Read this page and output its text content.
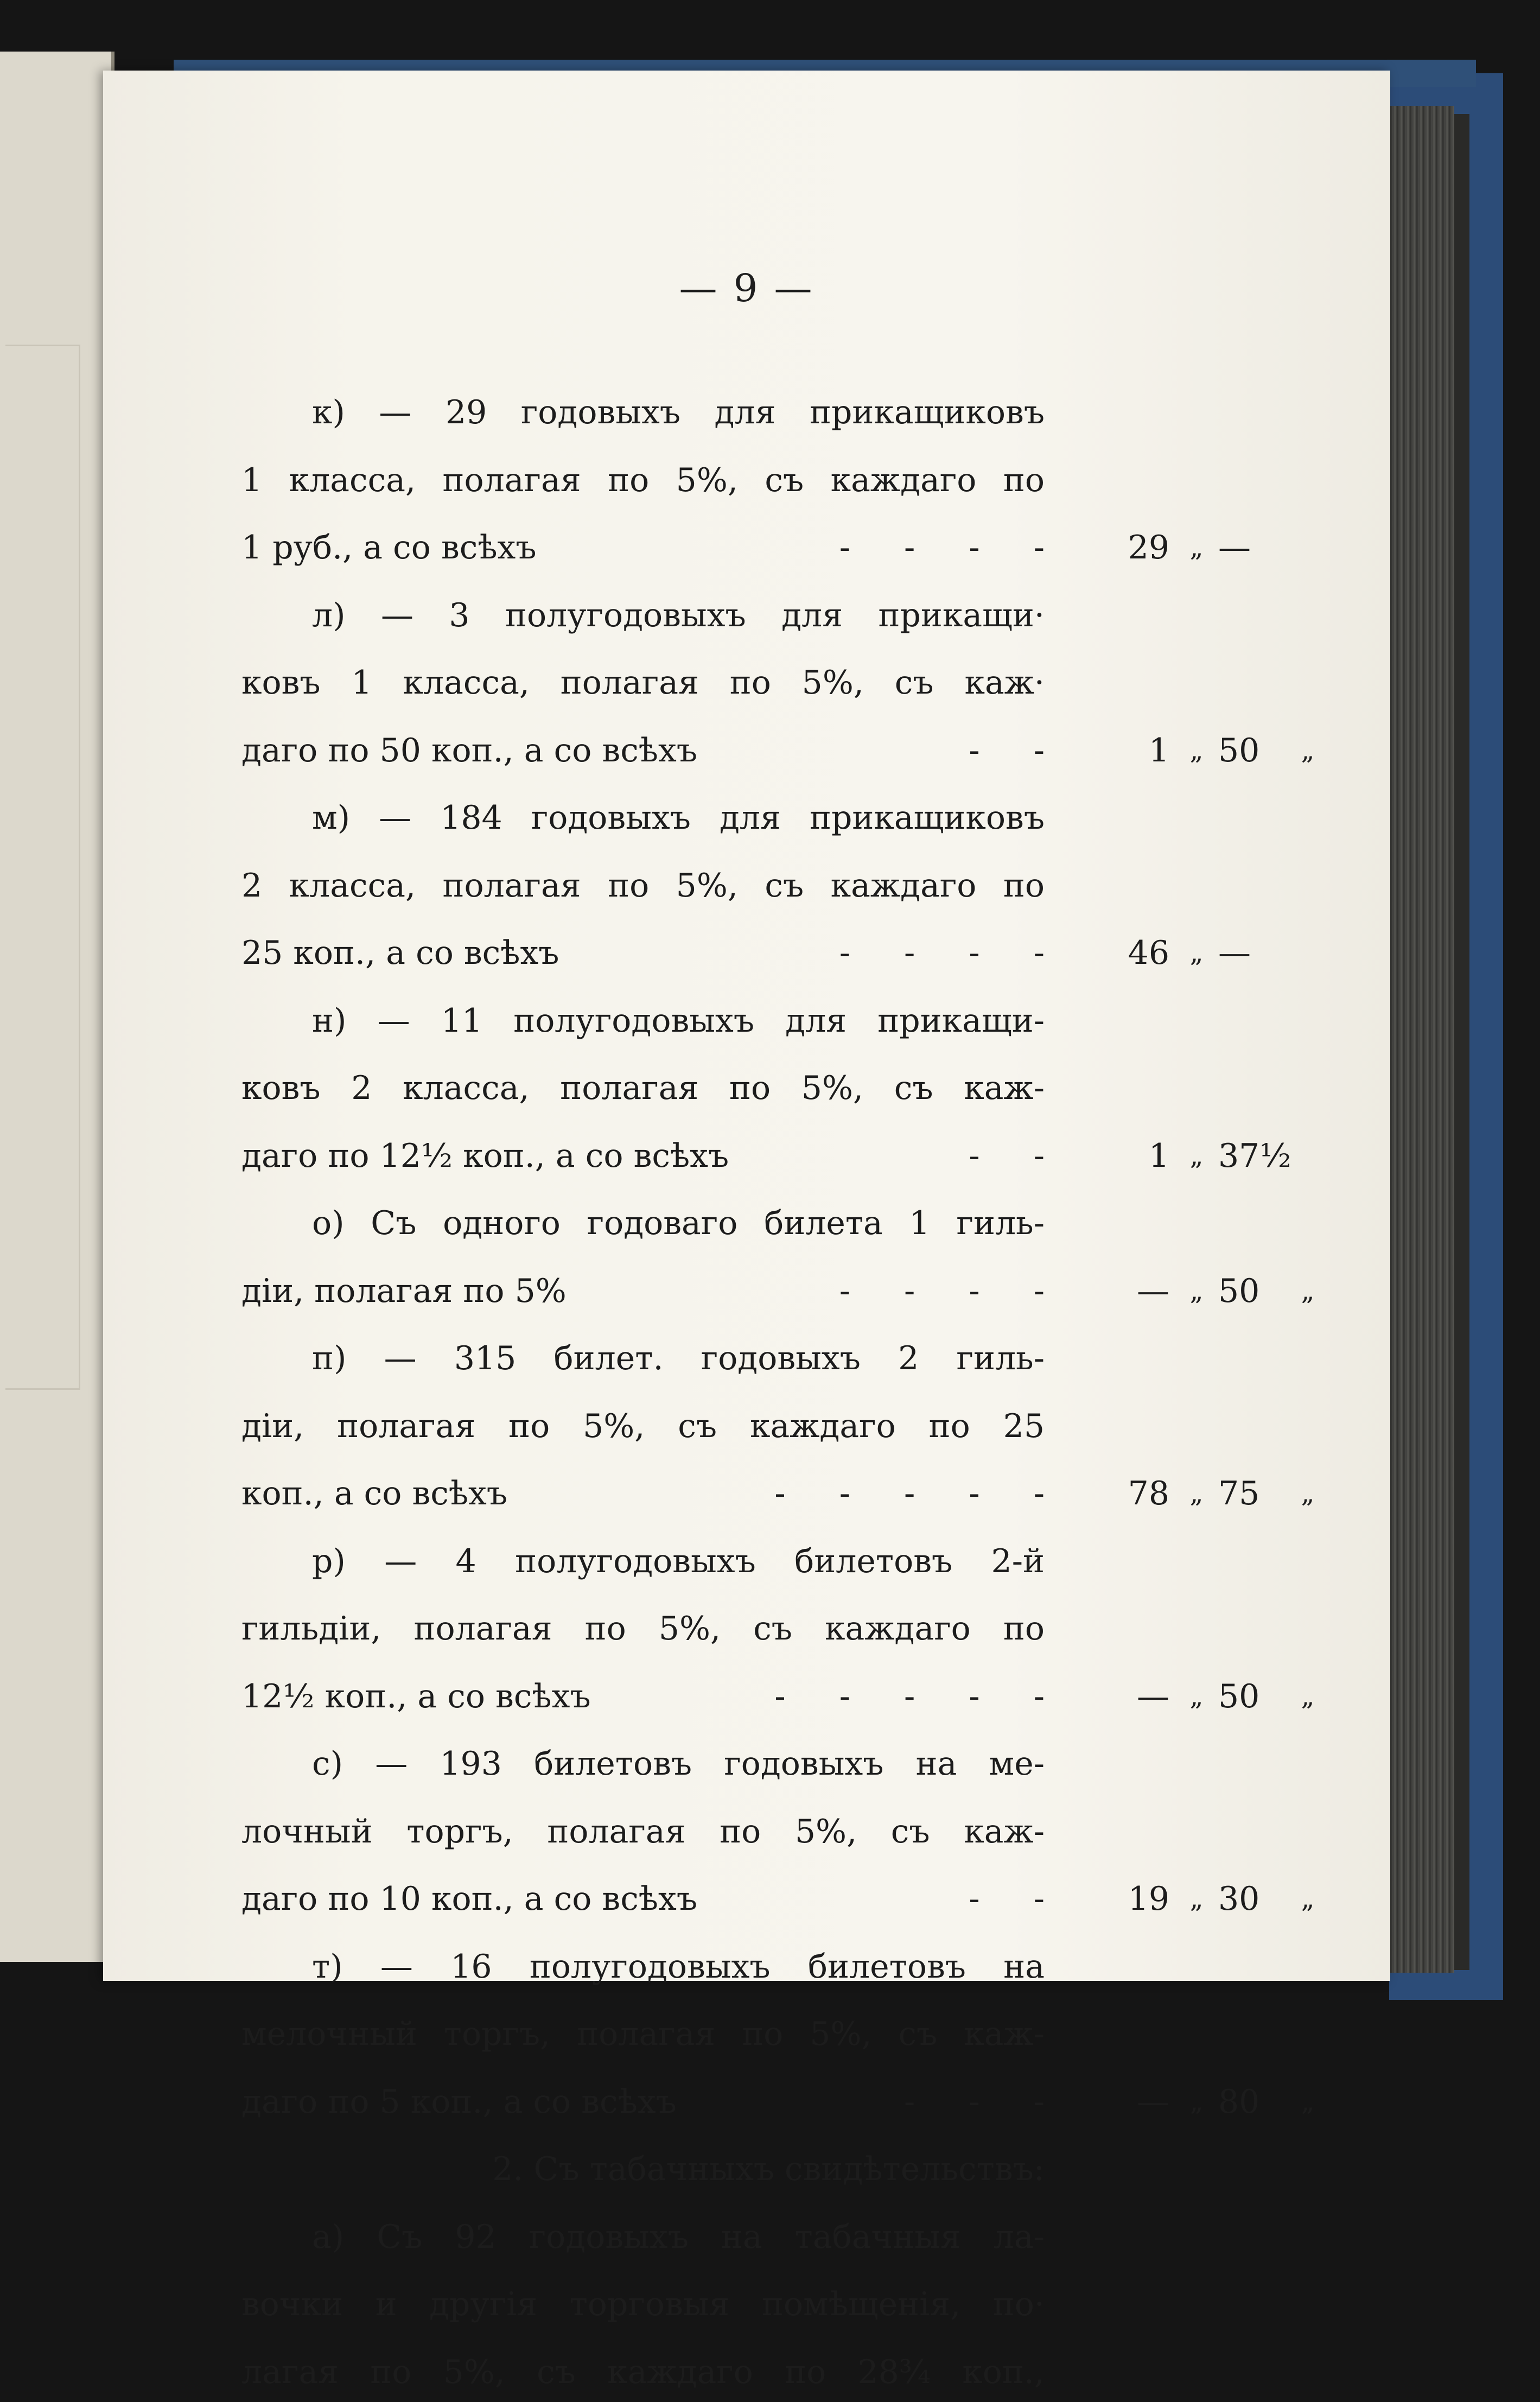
— 9 —
к) — 29 годовыхъ для прикащиковъ
1 класса, полагая по 5%, съ каждаго по
1 руб., а со всѣхъ	- - - -	29 „ —
л) — 3 полугодовыхъ для прикащи·
ковъ 1 класса, полагая по 5%, съ каж·
даго по 50 коп., а со всѣхъ	- -	1 „ 50	„
м) — 184 годовыхъ для прикащиковъ
2 класса, полагая по 5%, съ каждаго по
25 коп., а со всѣхъ	- - - -	46 „ —
н) — 11 полугодовыхъ для прикащи-
ковъ 2 класса, полагая по 5%, съ каж-
даго по 12½ коп., а со всѣхъ	- -	1 „ 37½
о) Съ одного годоваго билета 1 гиль-
діи, полагая по 5%	- - - -	— „ 50	„
п) — 315 билет. годовыхъ 2 гиль-
діи, полагая по 5%, съ каждаго по 25
коп., а со всѣхъ	- - - - -	78 „ 75	„
р) — 4 полугодовыхъ билетовъ 2-й
гильдіи, полагая по 5%, съ каждаго по
12½ коп., а со всѣхъ	- - - - -	— „ 50	„
с) — 193 билетовъ годовыхъ на ме-
лочный торгъ, полагая по 5%, съ каж-
даго по 10 коп., а со всѣхъ	- -	19 „ 30	„
т) — 16 полугодовыхъ билетовъ на
мелочный торгъ, полагая по 5%, съ каж-
даго по 5 коп., а со всѣхъ	- - -	— „ 80	„
2. Съ табачныхъ свидѣтельствъ:
а) Съ 92 годовыхъ на табачныя ла-
вочки и другія торговыя помѣщенія, по·
лагая по 5%, съ каждаго по 28¾ коп.,
